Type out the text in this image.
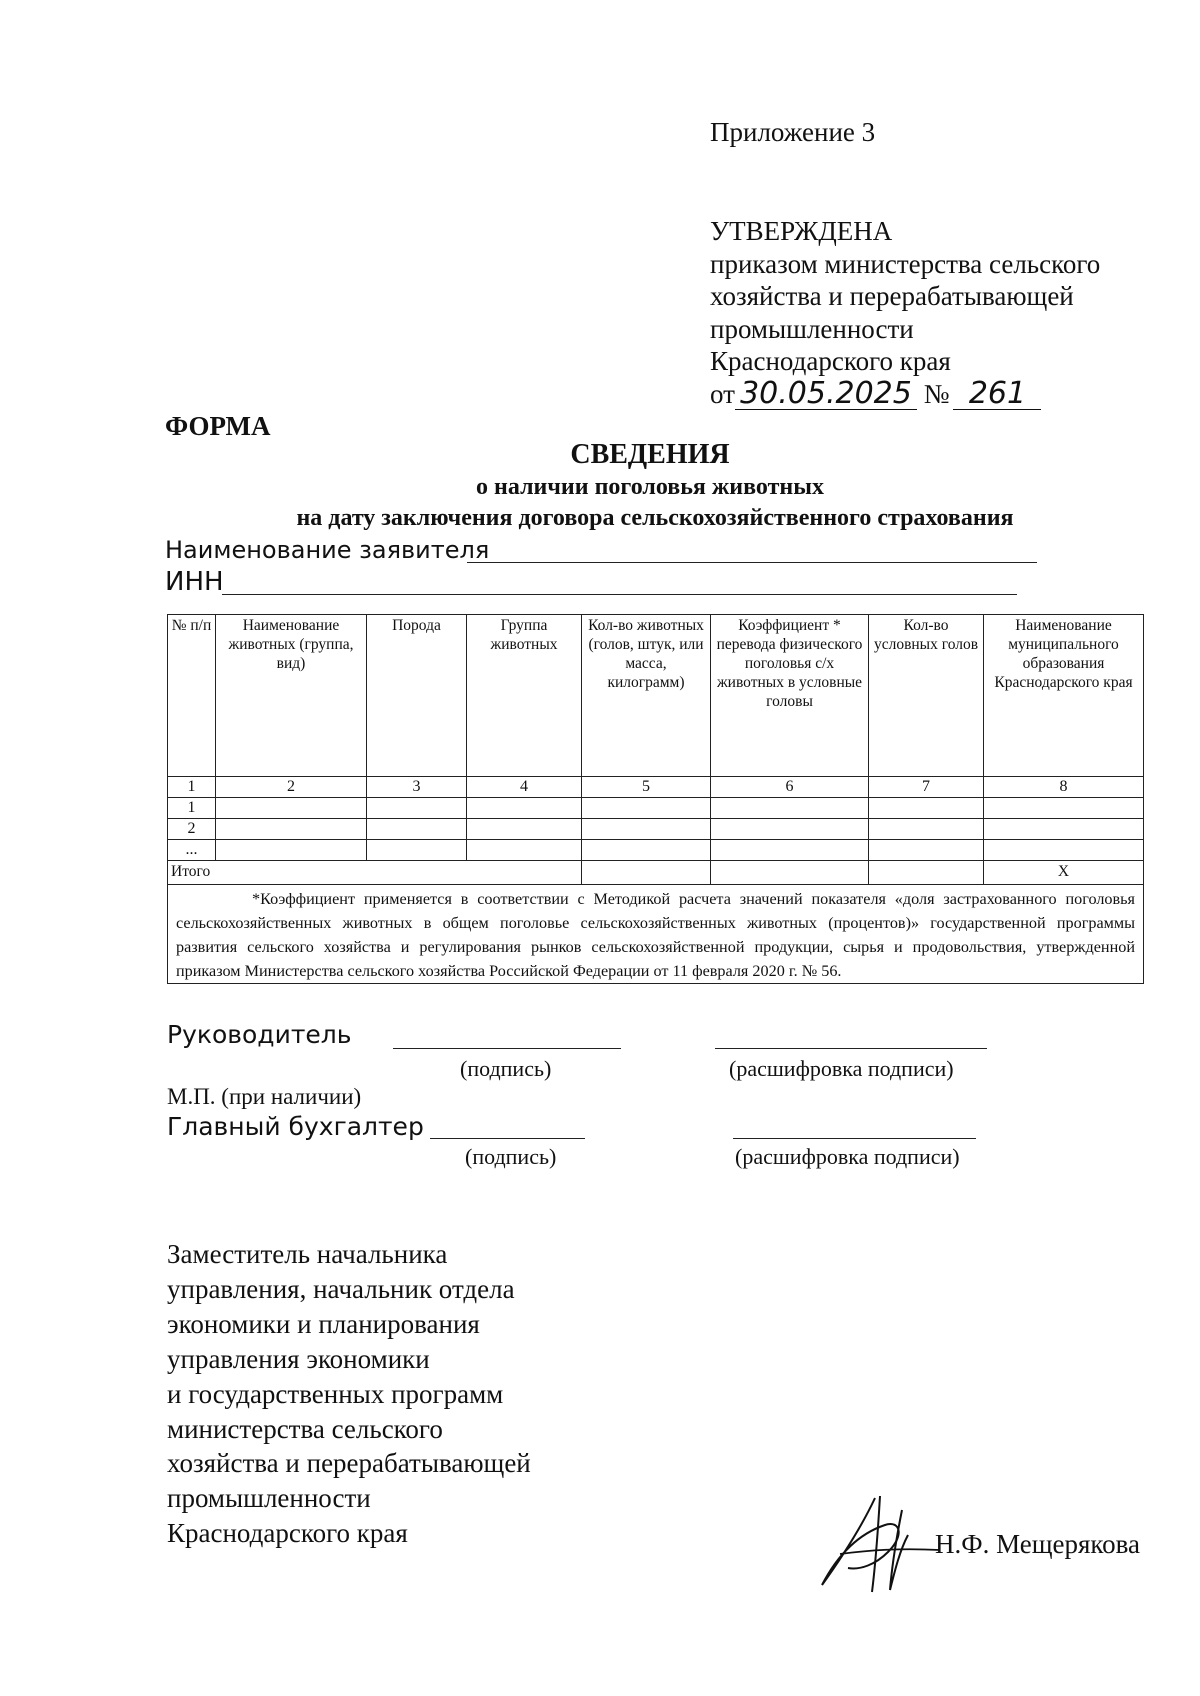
Приложение 3
УТВЕРЖДЕНА
приказом министерства сельского
хозяйства и перерабатывающей
промышленности
Краснодарского края
от 30.05.2025 № 261
ФОРМА
СВЕДЕНИЯ
о наличии поголовья животных
на дату заключения договора сельскохозяйственного страхования
Наименование заявителя
ИНН
№ п/п	Наименование животных (группа, вид)	Порода	Группа животных	Кол-во животных (голов, штук, или масса, килограмм)	Коэффициент * перевода физического поголовья с/х животных в условные головы	Кол-во условных голов	Наименование муниципального образования Краснодарского края
1	2	3	4	5	6	7	8
1							
2							
...							
Итого							Х
*Коэффициент применяется в соответствии с Методикой расчета значений показателя «доля застрахованного поголовья сельскохозяйственных животных в общем поголовье сельскохозяйственных животных (процентов)» государственной программы развития сельского хозяйства и регулирования рынков сельскохозяйственной продукции, сырья и продовольствия, утвержденной приказом Министерства сельского хозяйства Российской Федерации от 11 февраля 2020 г. № 56.							
Руководитель
(подпись)	(расшифровка подписи)
М.П. (при наличии)
Главный бухгалтер
(подпись)	(расшифровка подписи)
Заместитель начальника
управления, начальник отдела
экономики и планирования
управления экономики
и государственных программ
министерства сельского
хозяйства и перерабатывающей
промышленности
Краснодарского края	Н.Ф. Мещерякова
